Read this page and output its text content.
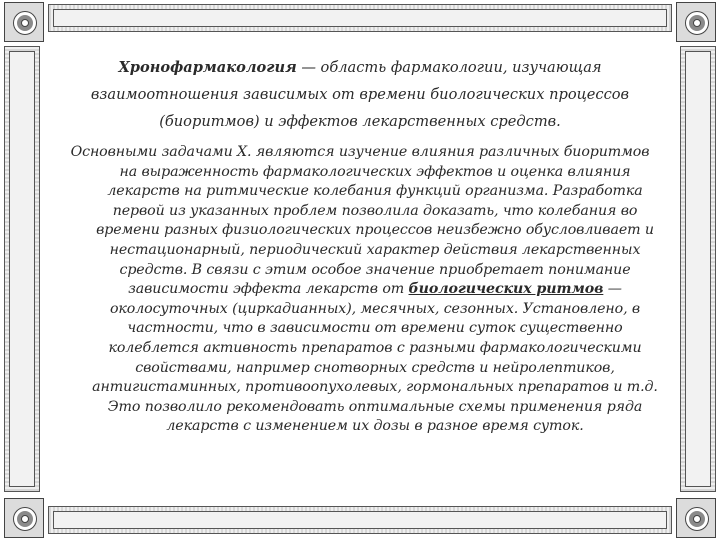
Хронофармакология — область фармакологии, изучающая взаимоотношения зависимых от времени биологических процессов (биоритмов) и эффектов лекарственных средств.

Основными задачами Х. являются изучение влияния различных биоритмов на выраженность фармакологических эффектов и оценка влияния лекарств на ритмические колебания функций организма. Разработка первой из указанных проблем позволила доказать, что колебания во времени разных физиологических процессов неизбежно обусловливает и нестационарный, периодический характер действия лекарственных средств. В связи с этим особое значение приобретает понимание зависимости эффекта лекарств от биологических ритмов — околосуточных (циркадианных), месячных, сезонных. Установлено, в частности, что в зависимости от времени суток существенно колеблется активность препаратов с разными фармакологическими свойствами, например снотворных средств и нейролептиков, антигистаминных, противоопухолевых, гормональных препаратов и т.д. Это позволило рекомендовать оптимальные схемы применения ряда лекарств с изменением их дозы в разное время суток.
